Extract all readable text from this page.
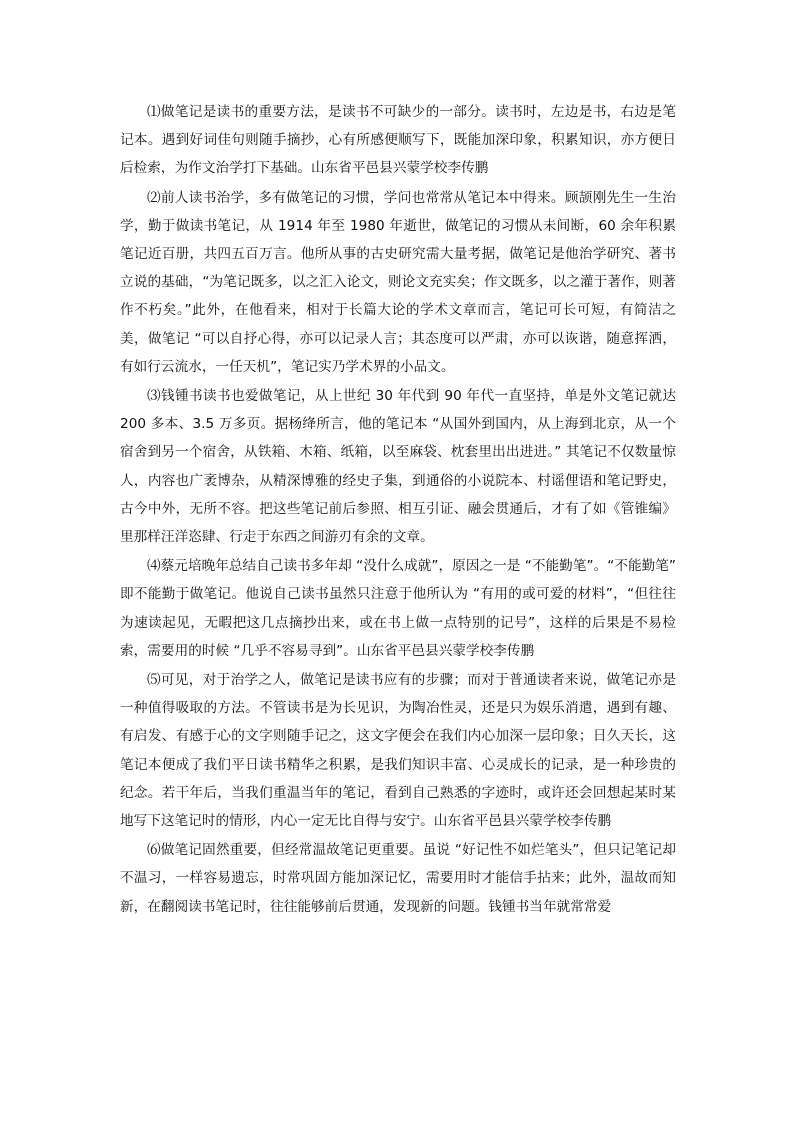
⑴做笔记是读书的重要方法，是读书不可缺少的一部分。读书时，左边是书，右边是笔记本。遇到好词佳句则随手摘抄，心有所感便顺写下，既能加深印象，积累知识，亦方便日后检索，为作文治学打下基础。山东省平邑县兴蒙学校李传鹏

⑵前人读书治学，多有做笔记的习惯，学问也常常从笔记本中得来。顾颉刚先生一生治学，勤于做读书笔记，从 1914 年至 1980 年逝世，做笔记的习惯从未间断，60 余年积累笔记近百册，共四五百万言。他所从事的古史研究需大量考据，做笔记是他治学研究、著书立说的基础，“为笔记既多，以之汇入论文，则论文充实矣；作文既多，以之灌于著作，则著作不朽矣。”此外，在他看来，相对于长篇大论的学术文章而言，笔记可长可短，有简洁之美，做笔记 “可以自抒心得，亦可以记录人言；其态度可以严肃，亦可以诙谐，随意挥洒，有如行云流水，一任天机”，笔记实乃学术界的小品文。

⑶钱锺书读书也爱做笔记，从上世纪 30 年代到 90 年代一直坚持，单是外文笔记就达 200 多本、3.5 万多页。据杨绛所言，他的笔记本 “从国外到国内，从上海到北京，从一个宿舍到另一个宿舍，从铁箱、木箱、纸箱，以至麻袋、枕套里出出进进。” 其笔记不仅数量惊人，内容也广袤博杂，从精深博雅的经史子集，到通俗的小说院本、村谣俚语和笔记野史，古今中外，无所不容。把这些笔记前后参照、相互引证、融会贯通后，才有了如《管锥编》里那样汪洋恣肆、行走于东西之间游刃有余的文章。

⑷蔡元培晚年总结自己读书多年却 “没什么成就”，原因之一是 “不能勤笔”。“不能勤笔” 即不能勤于做笔记。他说自己读书虽然只注意于他所认为 “有用的或可爱的材料”，“但往往为速读起见，无暇把这几点摘抄出来，或在书上做一点特别的记号”，这样的后果是不易检索，需要用的时候 “几乎不容易寻到”。山东省平邑县兴蒙学校李传鹏

⑸可见，对于治学之人，做笔记是读书应有的步骤；而对于普通读者来说，做笔记亦是一种值得吸取的方法。不管读书是为长见识，为陶冶性灵，还是只为娱乐消遣，遇到有趣、有启发、有感于心的文字则随手记之，这文字便会在我们内心加深一层印象；日久天长，这笔记本便成了我们平日读书精华之积累，是我们知识丰富、心灵成长的记录，是一种珍贵的纪念。若干年后，当我们重温当年的笔记，看到自己熟悉的字迹时，或许还会回想起某时某地写下这笔记时的情形，内心一定无比自得与安宁。山东省平邑县兴蒙学校李传鹏

⑹做笔记固然重要，但经常温故笔记更重要。虽说 “好记性不如烂笔头”，但只记笔记却不温习，一样容易遗忘，时常巩固方能加深记忆，需要用时才能信手拈来；此外，温故而知新，在翻阅读书笔记时，往往能够前后贯通，发现新的问题。钱锺书当年就常常爱
